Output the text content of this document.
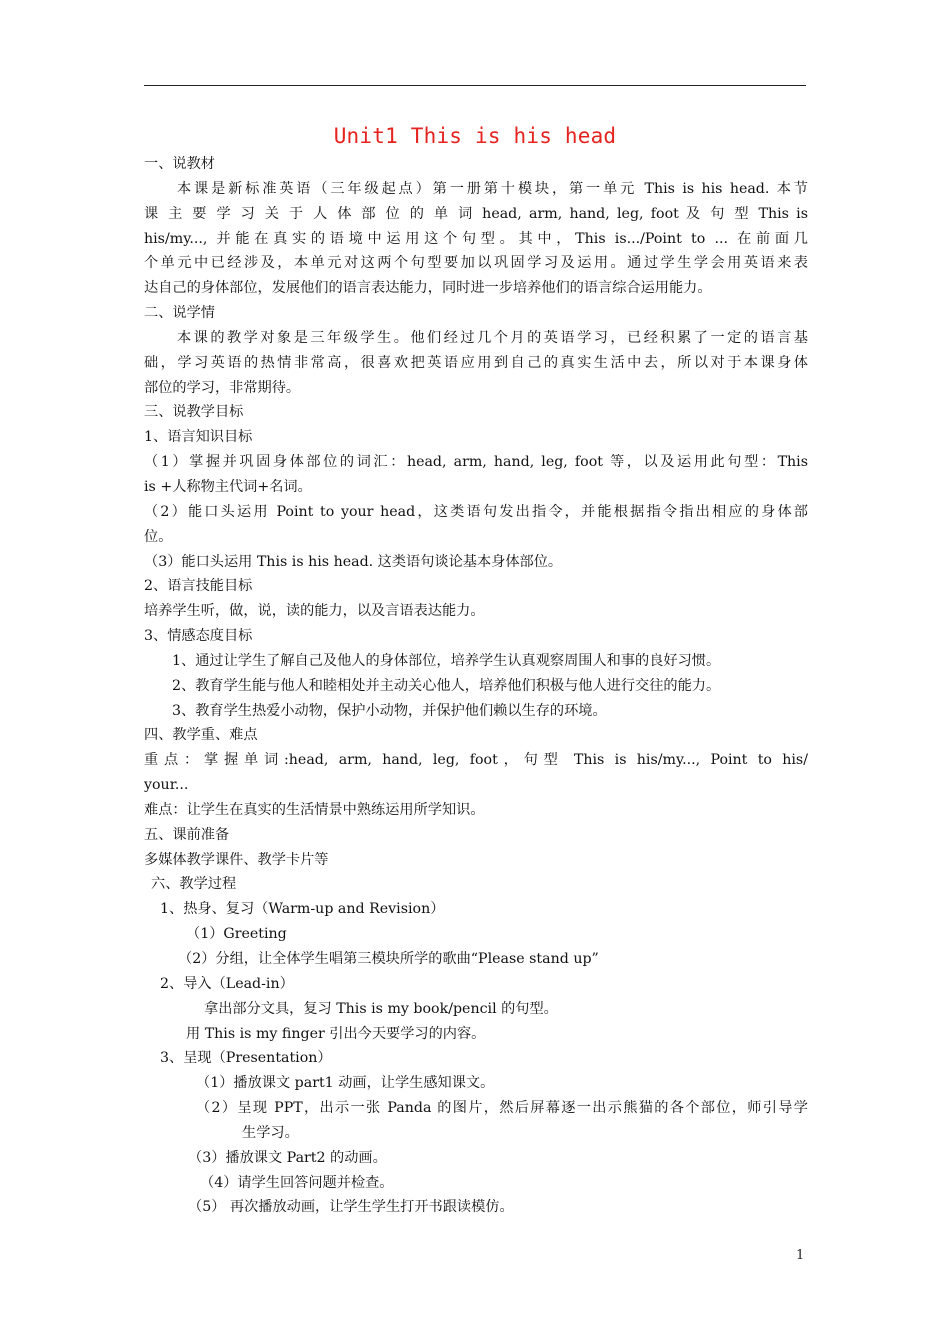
Unit1 This is his head
一、说教材
本课是新标准英语（三年级起点）第一册第十模块，第一单元 This is his head. 本节
课 主 要 学 习 关 于 人 体 部 位 的 单 词 head, arm, hand, leg, foot 及 句 型 This is
his/my..., 并能在真实的语境中运用这个句型。其中，This is.../Point to ... 在前面几
个单元中已经涉及，本单元对这两个句型要加以巩固学习及运用。通过学生学会用英语来表
达自己的身体部位，发展他们的语言表达能力，同时进一步培养他们的语言综合运用能力。
二、说学情
本课的教学对象是三年级学生。他们经过几个月的英语学习，已经积累了一定的语言基
础，学习英语的热情非常高，很喜欢把英语应用到自己的真实生活中去，所以对于本课身体
部位的学习，非常期待。
三、说教学目标
1、语言知识目标
（1）掌握并巩固身体部位的词汇：head, arm, hand, leg, foot 等，以及运用此句型：This
is +人称物主代词+名词。
（2）能口头运用 Point to your head，这类语句发出指令，并能根据指令指出相应的身体部
位。
（3）能口头运用 This is his head. 这类语句谈论基本身体部位。
2、语言技能目标
培养学生听，做，说，读的能力，以及言语表达能力。
3、情感态度目标
1、通过让学生了解自己及他人的身体部位，培养学生认真观察周围人和事的良好习惯。
2、教育学生能与他人和睦相处并主动关心他人，培养他们积极与他人进行交往的能力。
3、教育学生热爱小动物，保护小动物，并保护他们赖以生存的环境。
四、教学重、难点
重点：掌握单词:head, arm, hand, leg, foot，句型 This is his/my..., Point to his/
your...
难点：让学生在真实的生活情景中熟练运用所学知识。
五、课前准备
多媒体教学课件、教学卡片等
六、教学过程
1、热身、复习（Warm-up and Revision）
（1）Greeting
（2）分组，让全体学生唱第三模块所学的歌曲“Please stand up”
2、导入（Lead-in）
拿出部分文具，复习 This is my book/pencil 的句型。
用 This is my finger 引出今天要学习的内容。
3、呈现（Presentation）
（1）播放课文 part1 动画，让学生感知课文。
（2）呈现 PPT，出示一张 Panda 的图片，然后屏幕逐一出示熊猫的各个部位，师引导学
生学习。
（3）播放课文 Part2 的动画。
（4）请学生回答问题并检查。
（5） 再次播放动画，让学生学生打开书跟读模仿。
1
